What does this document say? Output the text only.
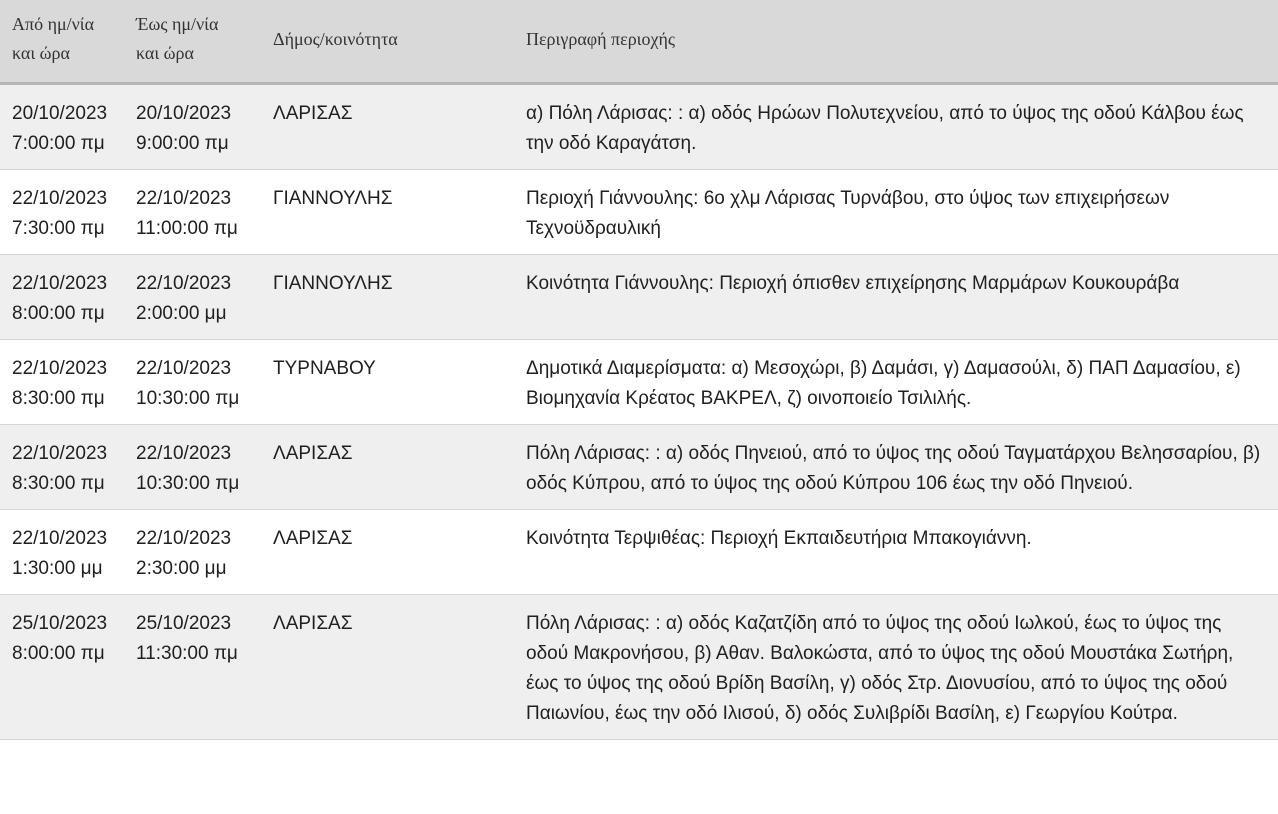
Από ημ/νία
και ώρα	Έως ημ/νία
και ώρα	Δήμος/κοινότητα	Περιγραφή περιοχής

20/10/2023
7:00:00 πμ	20/10/2023
9:00:00 πμ	ΛΑΡΙΣΑΣ	α) Πόλη Λάρισας: : α) οδός Ηρώων Πολυτεχνείου, από το ύψος της οδού Κάλβου έως την οδό Καραγάτση.

22/10/2023
7:30:00 πμ	22/10/2023
11:00:00 πμ	ΓΙΑΝΝΟΥΛΗΣ	Περιοχή Γιάννουλης: 6ο χλμ Λάρισας Τυρνάβου, στο ύψος των επιχειρήσεων Τεχνοϋδραυλική

22/10/2023
8:00:00 πμ	22/10/2023
2:00:00 μμ	ΓΙΑΝΝΟΥΛΗΣ	Κοινότητα Γιάννουλης: Περιοχή όπισθεν επιχείρησης Μαρμάρων Κουκουράβα

22/10/2023
8:30:00 πμ	22/10/2023
10:30:00 πμ	ΤΥΡΝΑΒΟΥ	Δημοτικά Διαμερίσματα: α) Μεσοχώρι, β) Δαμάσι, γ) Δαμασούλι, δ) ΠΑΠ Δαμασίου, ε) Βιομηχανία Κρέατος ΒΑΚΡΕΛ, ζ) οινοποιείο Τσιλιλής.

22/10/2023
8:30:00 πμ	22/10/2023
10:30:00 πμ	ΛΑΡΙΣΑΣ	Πόλη Λάρισας: : α) οδός Πηνειού, από το ύψος της οδού Ταγματάρχου Βελησσαρίου, β) οδός Κύπρου, από το ύψος της οδού Κύπρου 106 έως την οδό Πηνειού.

22/10/2023
1:30:00 μμ	22/10/2023
2:30:00 μμ	ΛΑΡΙΣΑΣ	Κοινότητα Τερψιθέας: Περιοχή Εκπαιδευτήρια Μπακογιάννη.

25/10/2023
8:00:00 πμ	25/10/2023
11:30:00 πμ	ΛΑΡΙΣΑΣ	Πόλη Λάρισας: : α) οδός Καζατζίδη από το ύψος της οδού Ιωλκού, έως το ύψος της οδού Μακρονήσου, β) Αθαν. Βαλοκώστα, από το ύψος της οδού Μουστάκα Σωτήρη, έως το ύψος της οδού Βρίδη Βασίλη, γ) οδός Στρ. Διονυσίου, από το ύψος της οδού Παιωνίου, έως την οδό Ιλισού, δ) οδός Συλιβρίδι Βασίλη, ε) Γεωργίου Κούτρα.
